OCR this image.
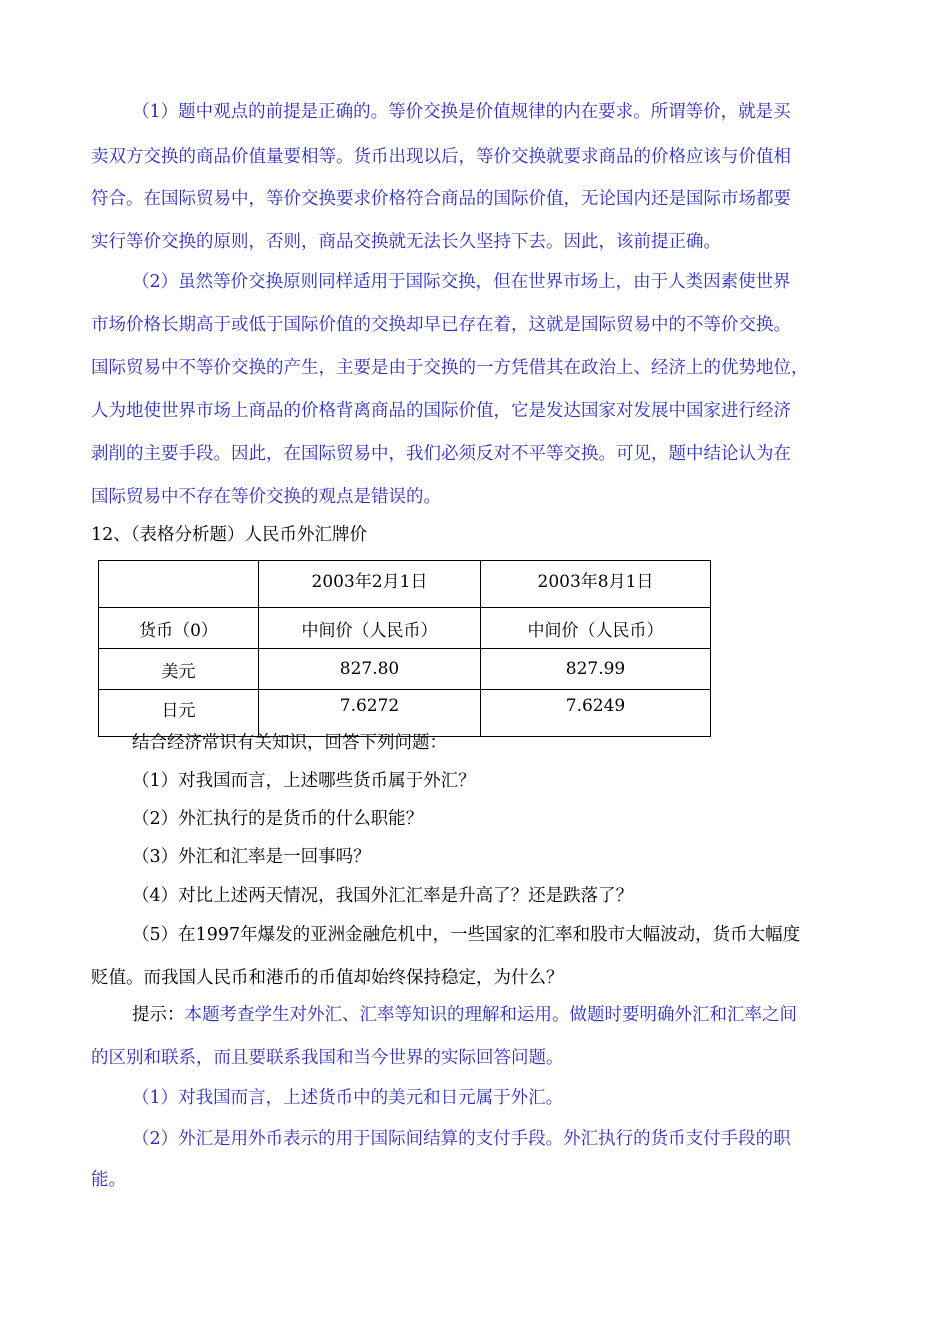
（1）题中观点的前提是正确的。等价交换是价值规律的内在要求。所谓等价，就是买
卖双方交换的商品价值量要相等。货币出现以后，等价交换就要求商品的价格应该与价值相
符合。在国际贸易中，等价交换要求价格符合商品的国际价值，无论国内还是国际市场都要
实行等价交换的原则，否则，商品交换就无法长久坚持下去。因此，该前提正确。
（2）虽然等价交换原则同样适用于国际交换，但在世界市场上，由于人类因素使世界
市场价格长期高于或低于国际价值的交换却早已存在着，这就是国际贸易中的不等价交换。
国际贸易中不等价交换的产生，主要是由于交换的一方凭借其在政治上、经济上的优势地位，
人为地使世界市场上商品的价格背离商品的国际价值，它是发达国家对发展中国家进行经济
剥削的主要手段。因此，在国际贸易中，我们必须反对不平等交换。可见，题中结论认为在
国际贸易中不存在等价交换的观点是错误的。
12、（表格分析题）人民币外汇牌价
	2003年2月1日	2003年8月1日
货币（0）	中间价（人民币）	中间价（人民币）
美元	827.80	827.99
日元	7.6272	7.6249
结合经济常识有关知识，回答下列问题：
（1）对我国而言，上述哪些货币属于外汇？
（2）外汇执行的是货币的什么职能？
（3）外汇和汇率是一回事吗？
（4）对比上述两天情况，我国外汇汇率是升高了？还是跌落了？
（5）在1997年爆发的亚洲金融危机中，一些国家的汇率和股市大幅波动，货币大幅度
贬值。而我国人民币和港币的币值却始终保持稳定，为什么？
提示：本题考查学生对外汇、汇率等知识的理解和运用。做题时要明确外汇和汇率之间
的区别和联系，而且要联系我国和当今世界的实际回答问题。
（1）对我国而言，上述货币中的美元和日元属于外汇。
（2）外汇是用外币表示的用于国际间结算的支付手段。外汇执行的货币支付手段的职
能。
